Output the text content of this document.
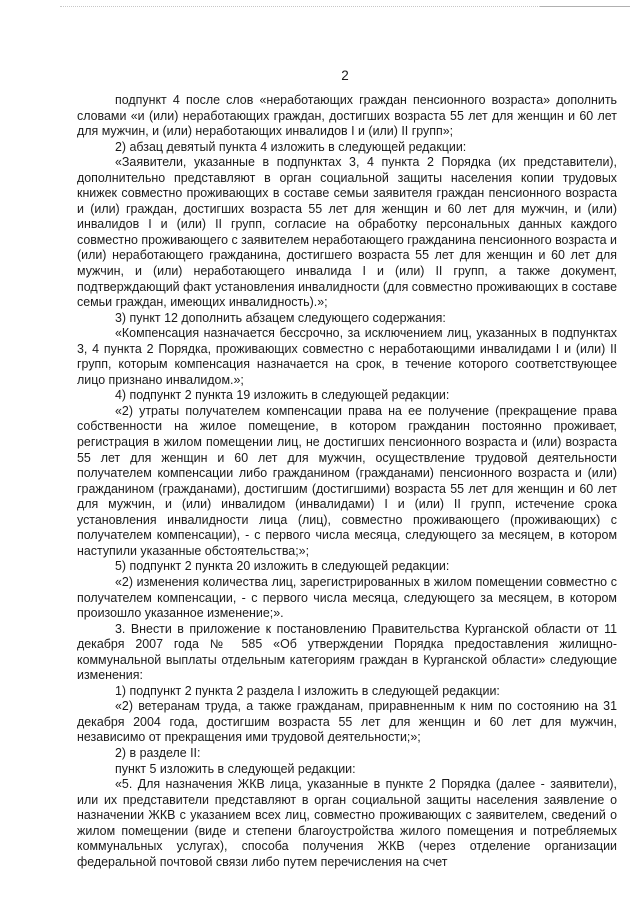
2

подпункт 4 после слов «неработающих граждан пенсионного возраста» дополнить словами «и (или) неработающих граждан, достигших возраста 55 лет для женщин и 60 лет для мужчин, и (или) неработающих инвалидов I и (или) II групп»;

2) абзац девятый пункта 4 изложить в следующей редакции:

«Заявители, указанные в подпунктах 3, 4 пункта 2 Порядка (их представители), дополнительно представляют в орган социальной защиты населения копии трудовых книжек совместно проживающих в составе семьи заявителя граждан пенсионного возраста и (или) граждан, достигших возраста 55 лет для женщин и 60 лет для мужчин, и (или) инвалидов I и (или) II групп, согласие на обработку персональных данных каждого совместно проживающего с заявителем неработающего гражданина пенсионного возраста и (или) неработающего гражданина, достигшего возраста 55 лет для женщин и 60 лет для мужчин, и (или) неработающего инвалида I и (или) II групп, а также документ, подтверждающий факт установления инвалидности (для совместно проживающих в составе семьи граждан, имеющих инвалидность).»;

3) пункт 12 дополнить абзацем следующего содержания:

«Компенсация назначается бессрочно, за исключением лиц, указанных в подпунктах 3, 4 пункта 2 Порядка, проживающих совместно с неработающими инвалидами I и (или) II групп, которым компенсация назначается на срок, в течение которого соответствующее лицо признано инвалидом.»;

4) подпункт 2 пункта 19 изложить в следующей редакции:

«2) утраты получателем компенсации права на ее получение (прекращение права собственности на жилое помещение, в котором гражданин постоянно проживает, регистрация в жилом помещении лиц, не достигших пенсионного возраста и (или) возраста 55 лет для женщин и 60 лет для мужчин, осуществление трудовой деятельности получателем компенсации либо гражданином (гражданами) пенсионного возраста и (или) гражданином (гражданами), достигшим (достигшими) возраста 55 лет для женщин и 60 лет для мужчин, и (или) инвалидом (инвалидами) I и (или) II групп, истечение срока установления инвалидности лица (лиц), совместно проживающего (проживающих) с получателем компенсации), - с первого числа месяца, следующего за месяцем, в котором наступили указанные обстоятельства;»;

5) подпункт 2 пункта 20 изложить в следующей редакции:

«2) изменения количества лиц, зарегистрированных в жилом помещении совместно с получателем компенсации, - с первого числа месяца, следующего за месяцем, в котором произошло указанное изменение;».

3. Внести в приложение к постановлению Правительства Курганской области от 11 декабря 2007 года № 585 «Об утверждении Порядка предоставления жилищно-коммунальной выплаты отдельным категориям граждан в Курганской области» следующие изменения:

1) подпункт 2 пункта 2 раздела I изложить в следующей редакции:

«2) ветеранам труда, а также гражданам, приравненным к ним по состоянию на 31 декабря 2004 года, достигшим возраста 55 лет для женщин и 60 лет для мужчин, независимо от прекращения ими трудовой деятельности;»;

2) в разделе II:

пункт 5 изложить в следующей редакции:

«5. Для назначения ЖКВ лица, указанные в пункте 2 Порядка (далее - заявители), или их представители представляют в орган социальной защиты населения заявление о назначении ЖКВ с указанием всех лиц, совместно проживающих с заявителем, сведений о жилом помещении (виде и степени благоустройства жилого помещения и потребляемых коммунальных услугах), способа получения ЖКВ (через отделение организации федеральной почтовой связи либо путем перечисления на счет
